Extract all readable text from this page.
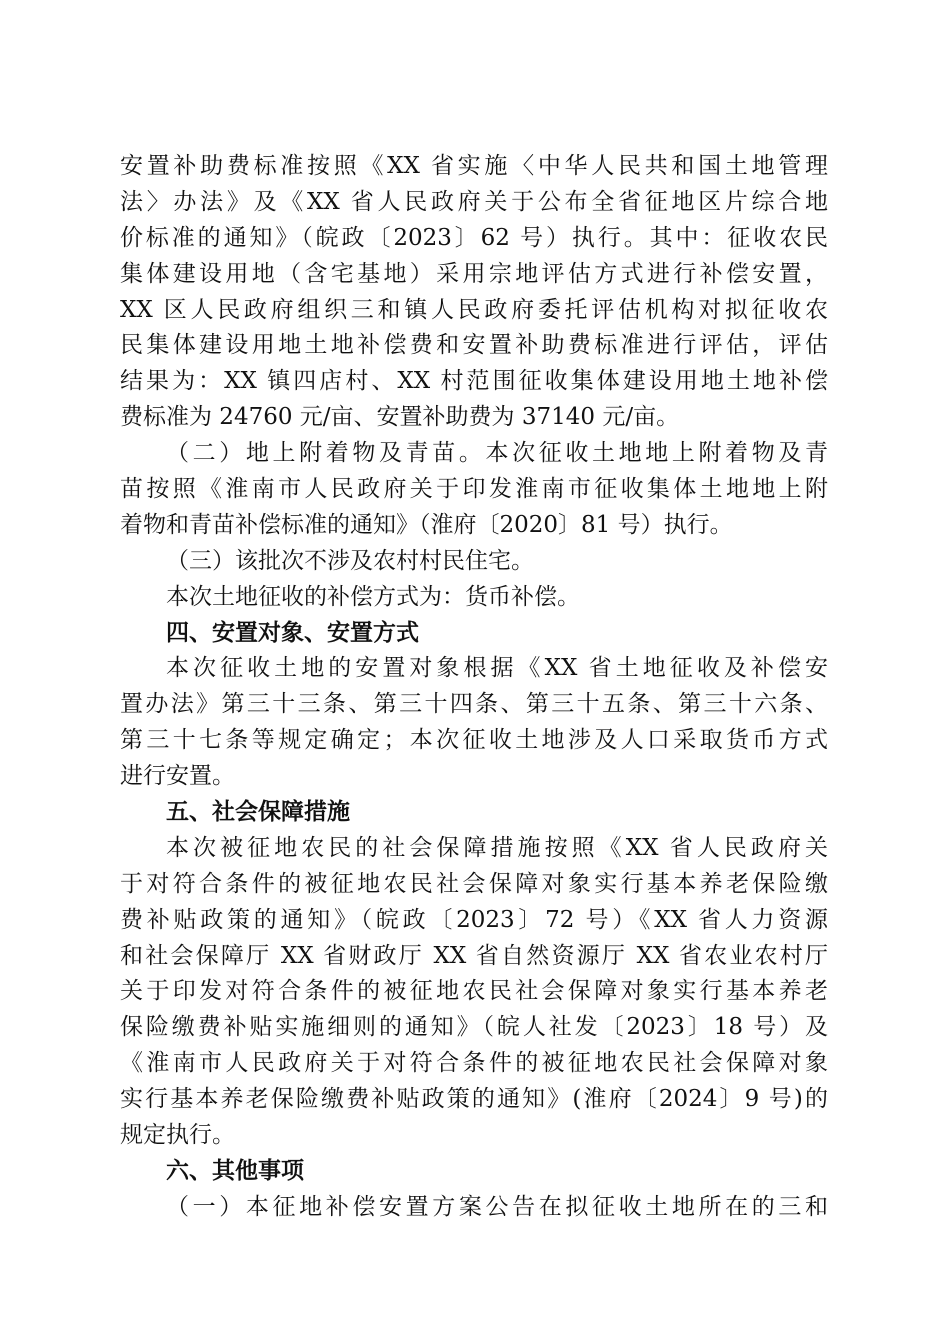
安置补助费标准按照《XX 省实施〈中华人民共和国土地管理
法〉办法》及《XX 省人民政府关于公布全省征地区片综合地
价标准的通知》（皖政〔2023〕62 号）执行。其中：征收农民
集体建设用地（含宅基地）采用宗地评估方式进行补偿安置，
XX 区人民政府组织三和镇人民政府委托评估机构对拟征收农
民集体建设用地土地补偿费和安置补助费标准进行评估，评估
结果为：XX 镇四店村、XX 村范围征收集体建设用地土地补偿
费标准为 24760 元/亩、安置补助费为 37140 元/亩。
（二）地上附着物及青苗。本次征收土地地上附着物及青
苗按照《淮南市人民政府关于印发淮南市征收集体土地地上附
着物和青苗补偿标准的通知》（淮府〔2020〕81 号）执行。
（三）该批次不涉及农村村民住宅。
本次土地征收的补偿方式为：货币补偿。
四、安置对象、安置方式
本次征收土地的安置对象根据《XX 省土地征收及补偿安
置办法》第三十三条、第三十四条、第三十五条、第三十六条、
第三十七条等规定确定；本次征收土地涉及人口采取货币方式
进行安置。
五、社会保障措施
本次被征地农民的社会保障措施按照《XX 省人民政府关
于对符合条件的被征地农民社会保障对象实行基本养老保险缴
费补贴政策的通知》（皖政〔2023〕72 号）《XX 省人力资源
和社会保障厅 XX 省财政厅 XX 省自然资源厅 XX 省农业农村厅
关于印发对符合条件的被征地农民社会保障对象实行基本养老
保险缴费补贴实施细则的通知》（皖人社发〔2023〕18 号）及
《淮南市人民政府关于对符合条件的被征地农民社会保障对象
实行基本养老保险缴费补贴政策的通知》(淮府〔2024〕9 号)的
规定执行。
六、其他事项
（一）本征地补偿安置方案公告在拟征收土地所在的三和
